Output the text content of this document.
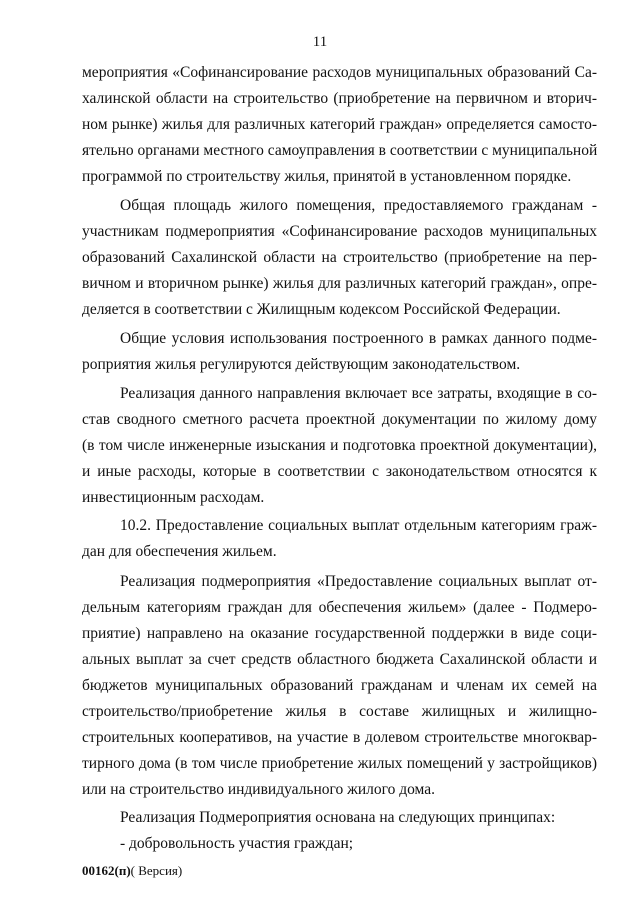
11
мероприятия «Софинансирование расходов муниципальных образований Са-
халинской области на строительство (приобретение на первичном и вторич-
ном рынке) жилья для различных категорий граждан» определяется самосто-
ятельно органами местного самоуправления в соответствии с муниципальной
программой по строительству жилья, принятой в установленном порядке.
Общая площадь жилого помещения, предоставляемого гражданам -
участникам подмероприятия «Софинансирование расходов муниципальных
образований Сахалинской области на строительство (приобретение на пер-
вичном и вторичном рынке) жилья для различных категорий граждан», опре-
деляется в соответствии с Жилищным кодексом Российской Федерации.
Общие условия использования построенного в рамках данного подме-
роприятия жилья регулируются действующим законодательством.
Реализация данного направления включает все затраты, входящие в со-
став сводного сметного расчета проектной документации по жилому дому
(в том числе инженерные изыскания и подготовка проектной документации),
и иные расходы, которые в соответствии с законодательством относятся к
инвестиционным расходам.
10.2. Предоставление социальных выплат отдельным категориям граж-
дан для обеспечения жильем.
Реализация подмероприятия «Предоставление социальных выплат от-
дельным категориям граждан для обеспечения жильем» (далее - Подмеро-
приятие) направлено на оказание государственной поддержки в виде соци-
альных выплат за счет средств областного бюджета Сахалинской области и
бюджетов муниципальных образований гражданам и членам их семей на
строительство/приобретение жилья в составе жилищных и жилищно-
строительных кооперативов, на участие в долевом строительстве многоквар-
тирного дома (в том числе приобретение жилых помещений у застройщиков)
или на строительство индивидуального жилого дома.
Реализация Подмероприятия основана на следующих принципах:
- добровольность участия граждан;
00162(п)( Версия)
